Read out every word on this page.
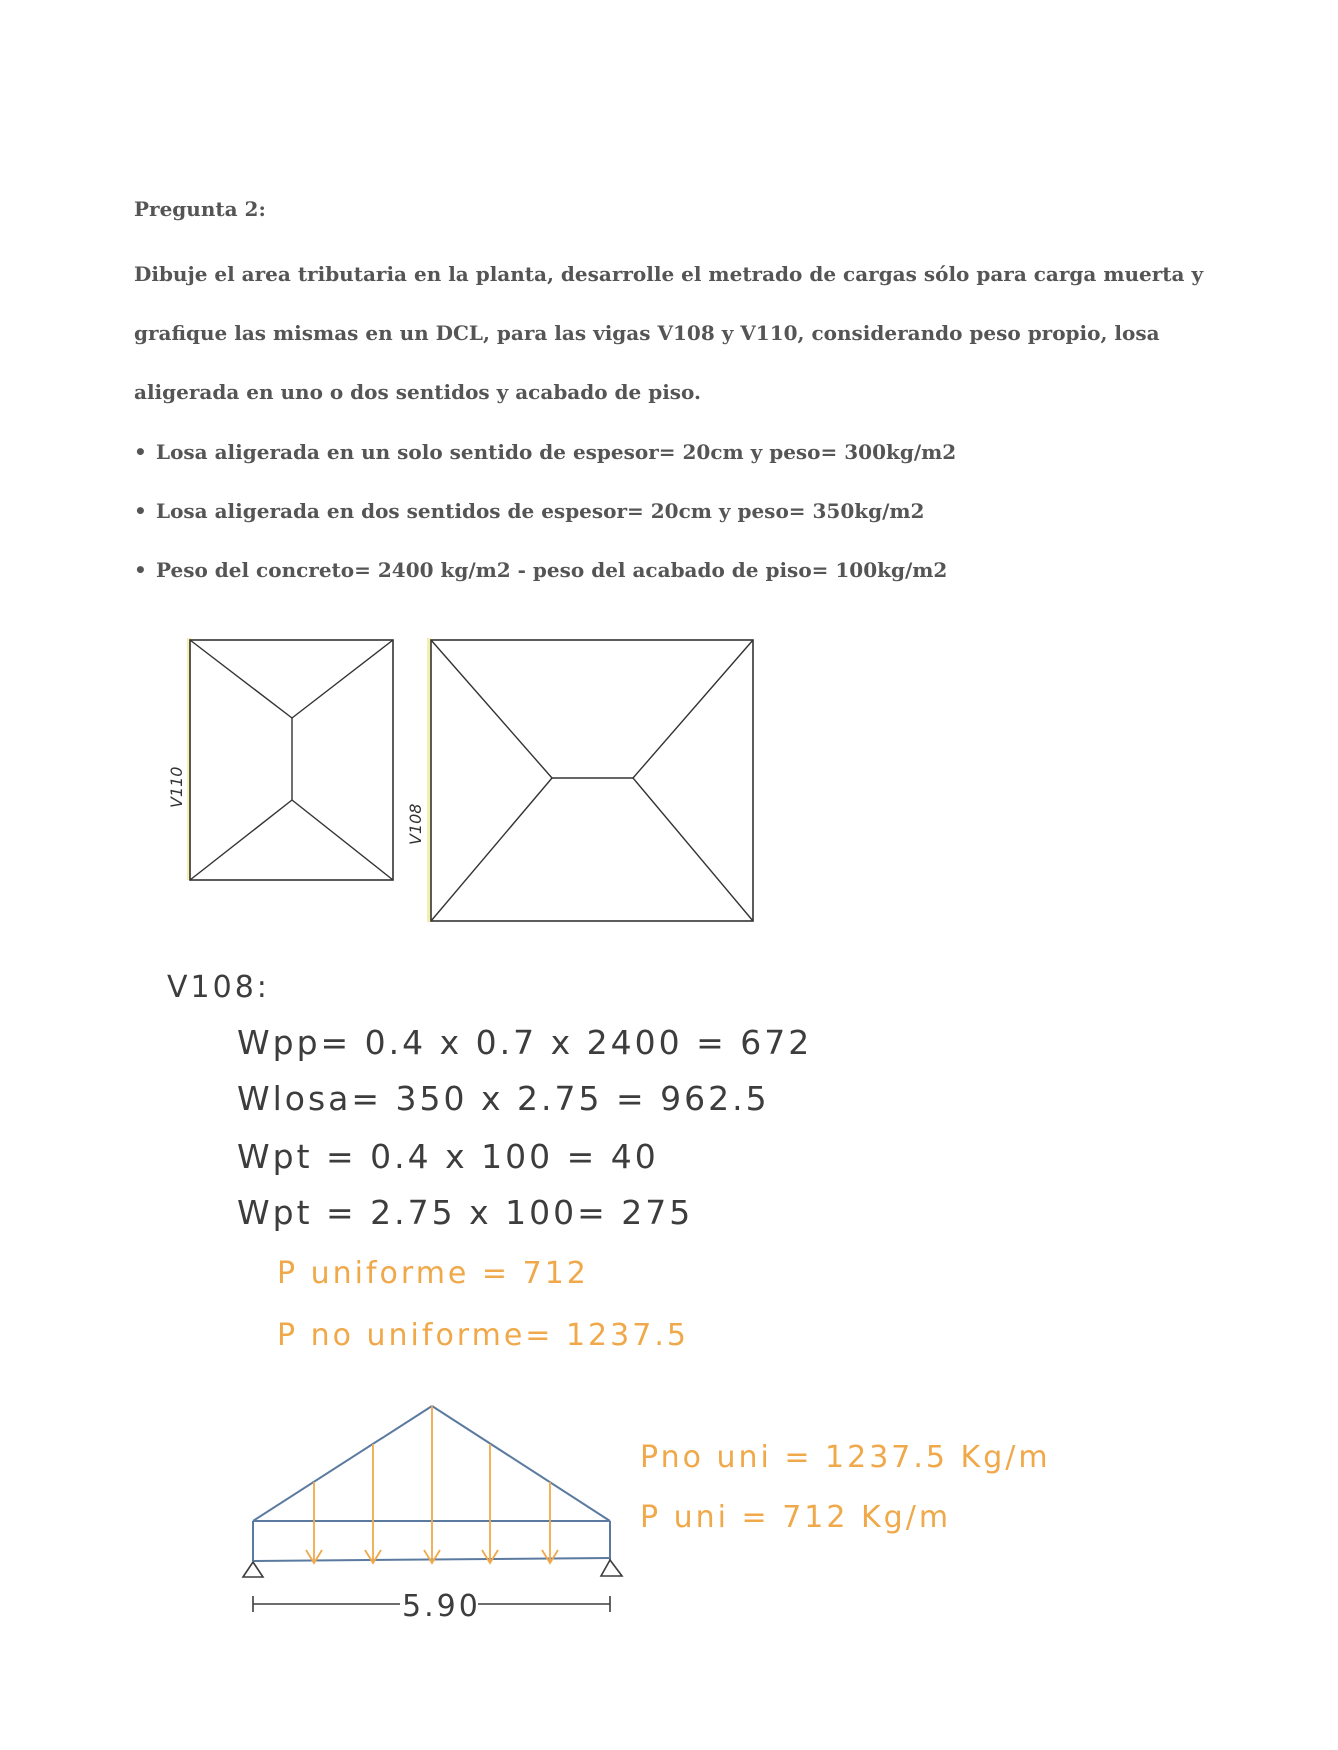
Pregunta 2:
Dibuje el area tributaria en la planta, desarrolle el metrado de cargas sólo para carga muerta y grafique las mismas en un DCL, para las vigas V108 y V110, considerando peso propio, losa aligerada en uno o dos sentidos y acabado de piso.
• Losa aligerada en un solo sentido de espesor= 20cm y peso= 300kg/m2
• Losa aligerada en dos sentidos de espesor= 20cm y peso= 350kg/m2
• Peso del concreto= 2400 kg/m2 - peso del acabado de piso= 100kg/m2
V110
V108
V108:
Wpp= 0.4 x 0.7 x 2400 = 672
Wlosa= 350 x 2.75 = 962.5
Wpt = 0.4 x 100 = 40
Wpt = 2.75 x 100= 275
P uniforme = 712
P no uniforme= 1237.5
5.90
Pno uni = 1237.5 Kg/m
P uni = 712 Kg/m
